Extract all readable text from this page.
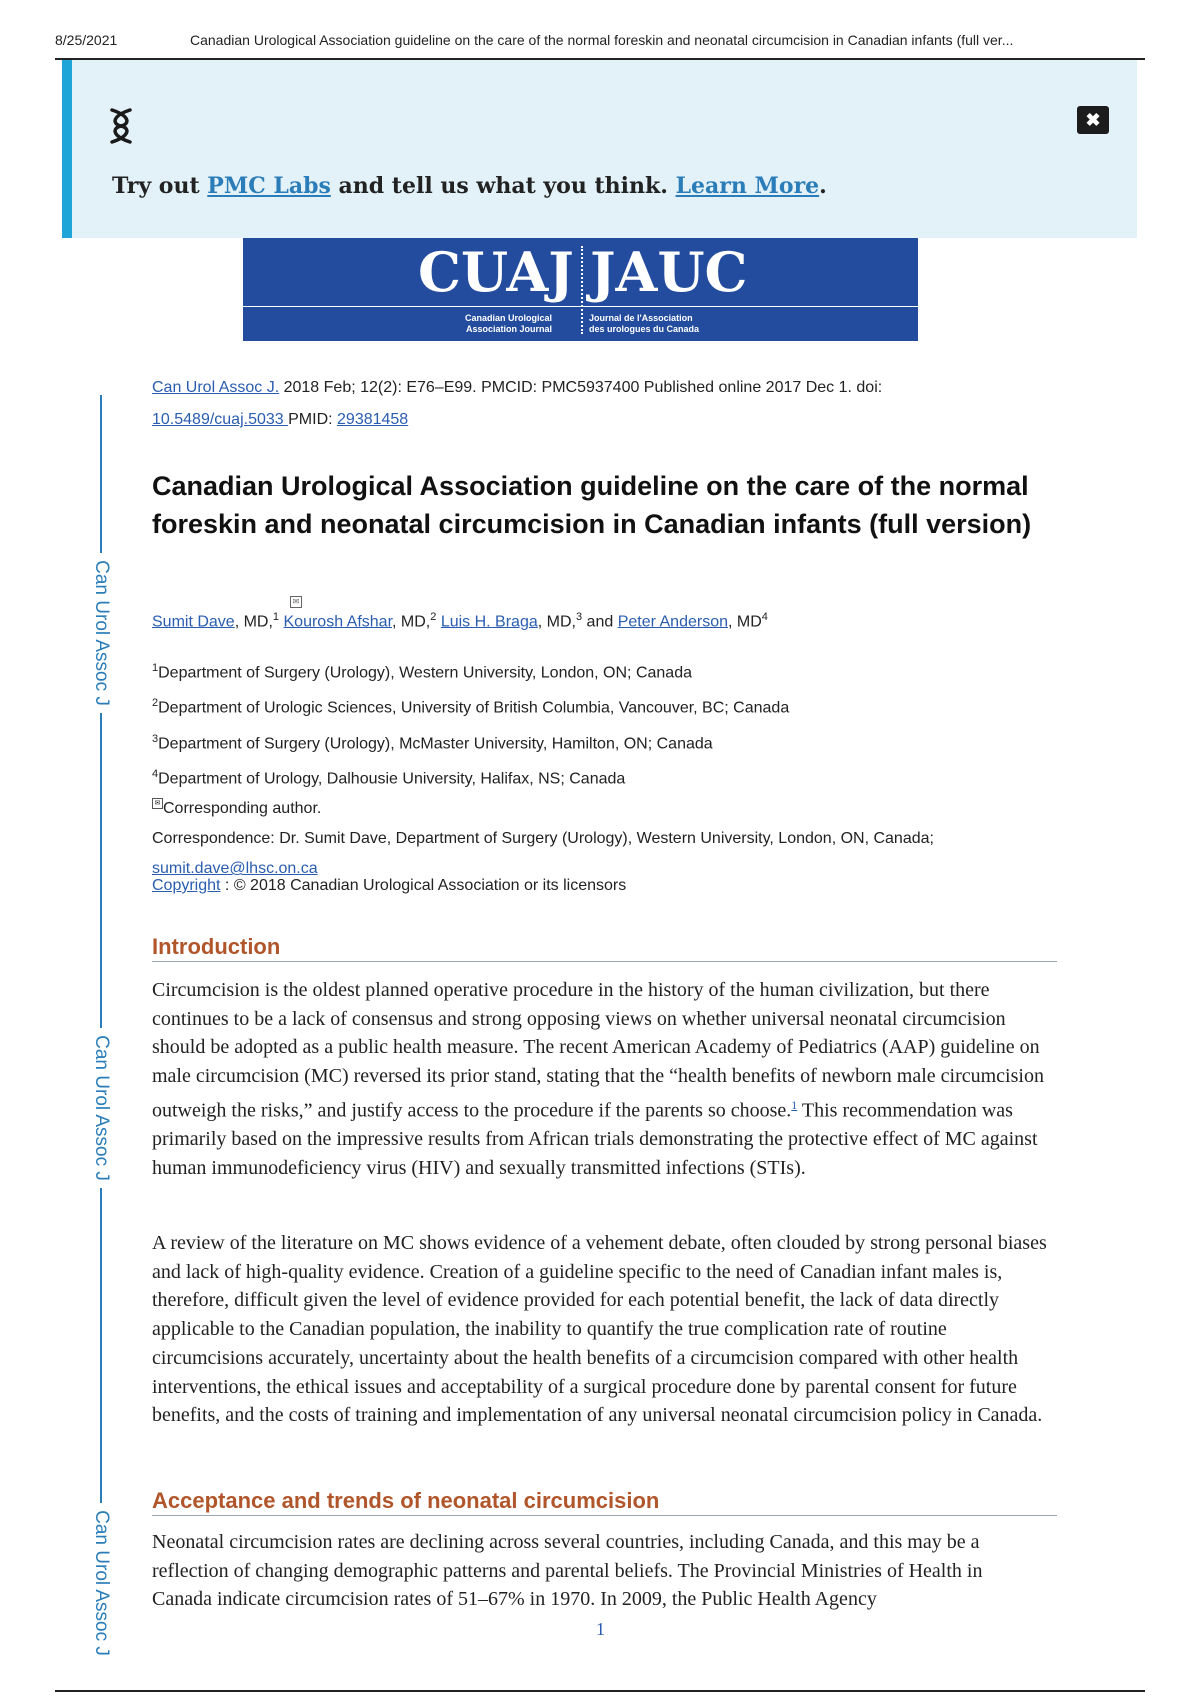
8/25/2021	Canadian Urological Association guideline on the care of the normal foreskin and neonatal circumcision in Canadian infants (full ver...
Try out PMC Labs and tell us what you think. Learn More.
✖
CUAJ JAUC
Canadian Urological
Association Journal
Journal de l'Association
des urologues du Canada
Can Urol Assoc J
Can Urol Assoc J
Can Urol Assoc J
Can Urol Assoc J. 2018 Feb; 12(2): E76–E99. PMCID: PMC5937400 Published online 2017 Dec 1. doi:
10.5489/cuaj.5033 PMID: 29381458
Canadian Urological Association guideline on the care of the normal foreskin and neonatal circumcision in Canadian infants (full version)
✉
Sumit Dave, MD,$^1$ Kourosh Afshar, MD,$^2$ Luis H. Braga, MD,$^3$ and Peter Anderson, $MD^4$
$^1$Department of Surgery (Urology), Western University, London, ON; Canada
$^2$Department of Urologic Sciences, University of British Columbia, Vancouver, BC; Canada
$^3$Department of Surgery (Urology), McMaster University, Hamilton, ON; Canada
$^4$Department of Urology, Dalhousie University, Halifax, NS; Canada
✉ Corresponding author.
Correspondence: Dr. Sumit Dave, Department of Surgery (Urology), Western University, London, ON, Canada;
sumit.dave@lhsc.on.ca
Copyright : © 2018 Canadian Urological Association or its licensors
Introduction

Circumcision is the oldest planned operative procedure in the history of the human civilization, but there continues to be a lack of consensus and strong opposing views on whether universal neonatal circumcision should be adopted as a public health measure. The recent American Academy of Pediatrics (AAP) guideline on male circumcision (MC) reversed its prior stand, stating that the “health benefits of newborn male circumcision outweigh the risks,” and justify access to the procedure if the parents so choose.$^1$ This recommendation was primarily based on the impressive results from African trials demonstrating the protective effect of MC against human immunodeficiency virus (HIV) and sexually transmitted infections (STIs).

A review of the literature on MC shows evidence of a vehement debate, often clouded by strong personal biases and lack of high-quality evidence. Creation of a guideline specific to the need of Canadian infant males is, therefore, difficult given the level of evidence provided for each potential benefit, the lack of data directly applicable to the Canadian population, the inability to quantify the true complication rate of routine circumcisions accurately, uncertainty about the health benefits of a circumcision compared with other health interventions, the ethical issues and acceptability of a surgical procedure done by parental consent for future benefits, and the costs of training and implementation of any universal neonatal circumcision policy in Canada.

Acceptance and trends of neonatal circumcision

Neonatal circumcision rates are declining across several countries, including Canada, and this may be a reflection of changing demographic patterns and parental beliefs. The Provincial Ministries of Health in Canada indicate circumcision rates of 51–67% in 1970. In 2009, the Public Health Agency

1
